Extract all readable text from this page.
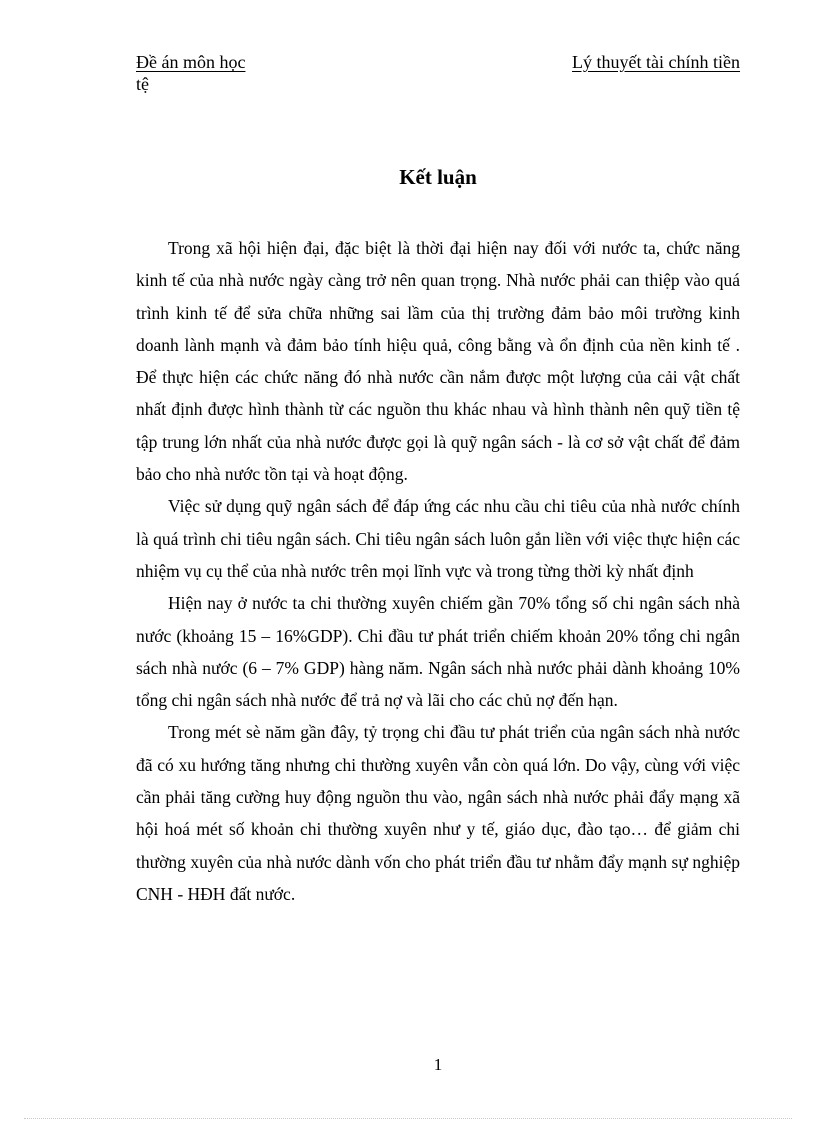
Đề án môn học	Lý thuyết tài chính tiền
tệ
Kết luận

Trong xã hội hiện đại, đặc biệt là thời đại hiện nay đối với nước ta, chức năng kinh tế của nhà nước ngày càng trở nên quan trọng. Nhà nước phải can thiệp vào quá trình kinh tế để sửa chữa những sai lầm của thị trường đảm bảo môi trường kinh doanh lành mạnh và đảm bảo tính hiệu quả, công bằng và ổn định của nền kinh tế . Để thực hiện các chức năng đó nhà nước cần nắm được một lượng của cải vật chất nhất định được hình thành từ các nguồn thu khác nhau và hình thành nên quỹ tiền tệ tập trung lớn nhất của nhà nước được gọi là quỹ ngân sách - là cơ sở vật chất để đảm bảo cho nhà nước tồn tại và hoạt động.

Việc sử dụng quỹ ngân sách để đáp ứng các nhu cầu chi tiêu của nhà nước chính là quá trình chi tiêu ngân sách. Chi tiêu ngân sách luôn gắn liền với việc thực hiện các nhiệm vụ cụ thể của nhà nước trên mọi lĩnh vực và trong từng thời kỳ nhất định

Hiện nay ở nước ta chi thường xuyên chiếm gần 70% tổng số chi ngân sách nhà nước (khoảng 15 – 16%GDP). Chi đầu tư phát triển chiếm khoản 20% tổng chi ngân sách nhà nước (6 – 7% GDP) hàng năm. Ngân sách nhà nước phải dành khoảng 10% tổng chi ngân sách nhà nước để trả nợ và lãi cho các chủ nợ đến hạn.

Trong mét sè năm gần đây, tỷ trọng chi đầu tư phát triển của ngân sách nhà nước đã có xu hướng tăng nhưng chi thường xuyên vẫn còn quá lớn. Do vậy, cùng với việc cần phải tăng cường huy động nguồn thu vào, ngân sách nhà nước phải đẩy mạng xã hội hoá mét số khoản chi thường xuyên như y tế, giáo dục, đào tạo… để giảm chi thường xuyên của nhà nước dành vốn cho phát triển đầu tư nhằm đẩy mạnh sự nghiệp CNH - HĐH đất nước.

1
